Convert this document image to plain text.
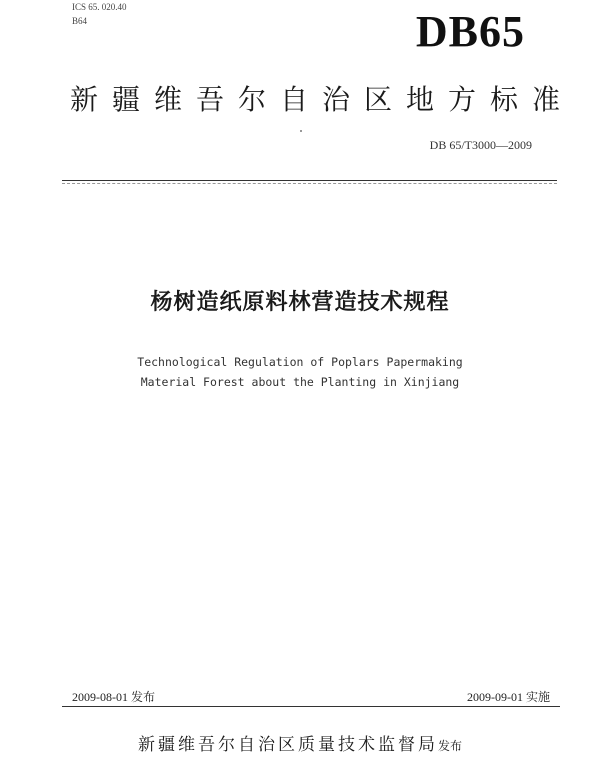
ICS 65. 020.40
B64	DB65
新疆维吾尔自治区地方标准
DB 65/T3000—2009
杨树造纸原料林营造技术规程
Technological Regulation of Poplars Papermaking
Material Forest about the Planting in Xinjiang
2009-08-01 发布	2009-09-01 实施
新疆维吾尔自治区质量技术监督局发布
